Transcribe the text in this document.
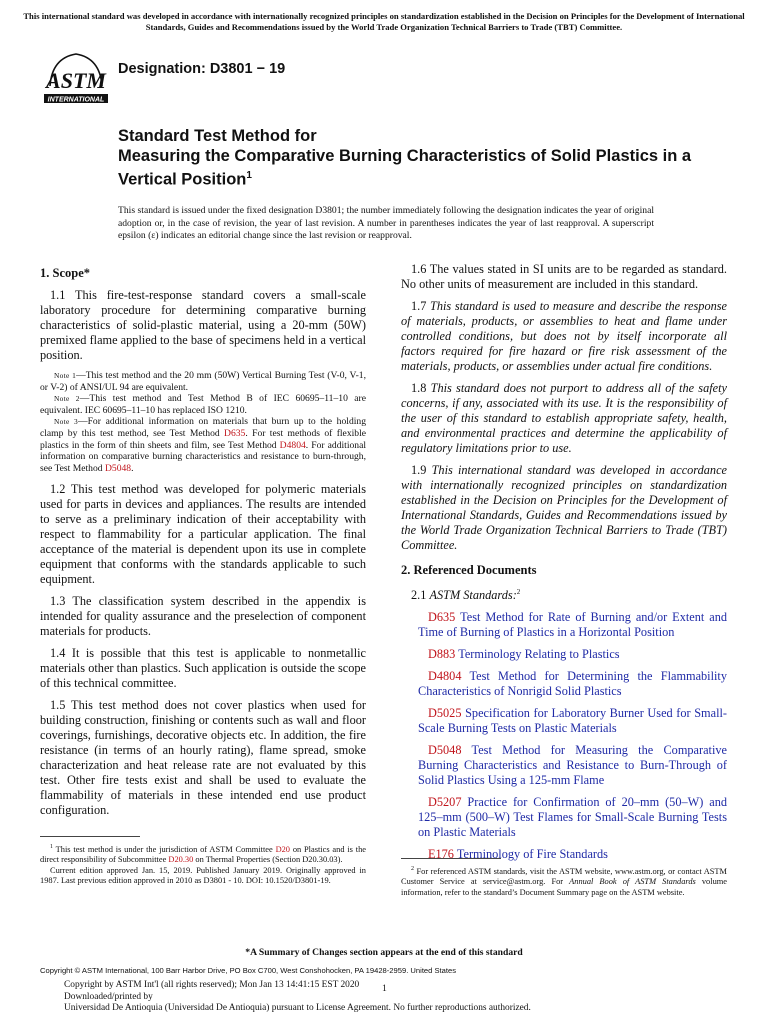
This international standard was developed in accordance with internationally recognized principles on standardization established in the Decision on Principles for the Development of International Standards, Guides and Recommendations issued by the World Trade Organization Technical Barriers to Trade (TBT) Committee.
ASTM
INTERNATIONAL
Designation: D3801 − 19
Standard Test Method for
Measuring the Comparative Burning Characteristics of Solid Plastics in a Vertical Position$^1$
This standard is issued under the fixed designation D3801; the number immediately following the designation indicates the year of original adoption or, in the case of revision, the year of last revision. A number in parentheses indicates the year of last reapproval. A superscript epsilon (ε) indicates an editorial change since the last revision or reapproval.

1. Scope*

1.1 This fire-test-response standard covers a small-scale laboratory procedure for determining comparative burning characteristics of solid-plastic material, using a 20-mm (50W) premixed flame applied to the base of specimens held in a vertical position.

Note 1—This test method and the 20 mm (50W) Vertical Burning Test (V-0, V-1, or V-2) of ANSI/UL 94 are equivalent.

Note 2—This test method and Test Method B of IEC 60695–11–10 are equivalent. IEC 60695–11–10 has replaced ISO 1210.

Note 3—For additional information on materials that burn up to the holding clamp by this test method, see Test Method D635. For test methods of flexible plastics in the form of thin sheets and film, see Test Method D4804. For additional information on comparative burning characteristics and resistance to burn-through, see Test Method D5048.

1.2 This test method was developed for polymeric materials used for parts in devices and appliances. The results are intended to serve as a preliminary indication of their acceptability with respect to flammability for a particular application. The final acceptance of the material is dependent upon its use in complete equipment that conforms with the standards applicable to such equipment.

1.3 The classification system described in the appendix is intended for quality assurance and the preselection of component materials for products.

1.4 It is possible that this test is applicable to nonmetallic materials other than plastics. Such application is outside the scope of this technical committee.

1.5 This test method does not cover plastics when used for building construction, finishing or contents such as wall and floor coverings, furnishings, decorative objects etc. In addition, the fire resistance (in terms of an hourly rating), flame spread, smoke characterization and heat release rate are not evaluated by this test. Other fire tests exist and shall be used to evaluate the flammability of materials in these intended end use product configuration.

$^1$ This test method is under the jurisdiction of ASTM Committee D20 on Plastics and is the direct responsibility of Subcommittee D20.30 on Thermal Properties (Section D20.30.03).

Current edition approved Jan. 15, 2019. Published January 2019. Originally approved in 1987. Last previous edition approved in 2010 as D3801 - 10. DOI: 10.1520/D3801-19.

1.6 The values stated in SI units are to be regarded as standard. No other units of measurement are included in this standard.

1.7 This standard is used to measure and describe the response of materials, products, or assemblies to heat and flame under controlled conditions, but does not by itself incorporate all factors required for fire hazard or fire risk assessment of the materials, products, or assemblies under actual fire conditions.

1.8 This standard does not purport to address all of the safety concerns, if any, associated with its use. It is the responsibility of the user of this standard to establish appropriate safety, health, and environmental practices and determine the applicability of regulatory limitations prior to use.

1.9 This international standard was developed in accordance with internationally recognized principles on standardization established in the Decision on Principles for the Development of International Standards, Guides and Recommendations issued by the World Trade Organization Technical Barriers to Trade (TBT) Committee.

2. Referenced Documents

2.1 ASTM Standards:$^2$

D635 Test Method for Rate of Burning and/or Extent and Time of Burning of Plastics in a Horizontal Position

D883 Terminology Relating to Plastics

D4804 Test Method for Determining the Flammability Characteristics of Nonrigid Solid Plastics

D5025 Specification for Laboratory Burner Used for Small-Scale Burning Tests on Plastic Materials

D5048 Test Method for Measuring the Comparative Burning Characteristics and Resistance to Burn-Through of Solid Plastics Using a 125-mm Flame

D5207 Practice for Confirmation of 20–mm (50–W) and 125–mm (500–W) Test Flames for Small-Scale Burning Tests on Plastic Materials

E176 Terminology of Fire Standards

$^2$ For referenced ASTM standards, visit the ASTM website, www.astm.org, or contact ASTM Customer Service at service@astm.org. For Annual Book of ASTM Standards volume information, refer to the standard’s Document Summary page on the ASTM website.

*A Summary of Changes section appears at the end of this standard
Copyright © ASTM International, 100 Barr Harbor Drive, PO Box C700, West Conshohocken, PA 19428-2959. United States
Copyright by ASTM Int'l (all rights reserved); Mon Jan 13 14:41:15 EST 2020
Downloaded/printed by
Universidad De Antioquia (Universidad De Antioquia) pursuant to License Agreement. No further reproductions authorized.
1
